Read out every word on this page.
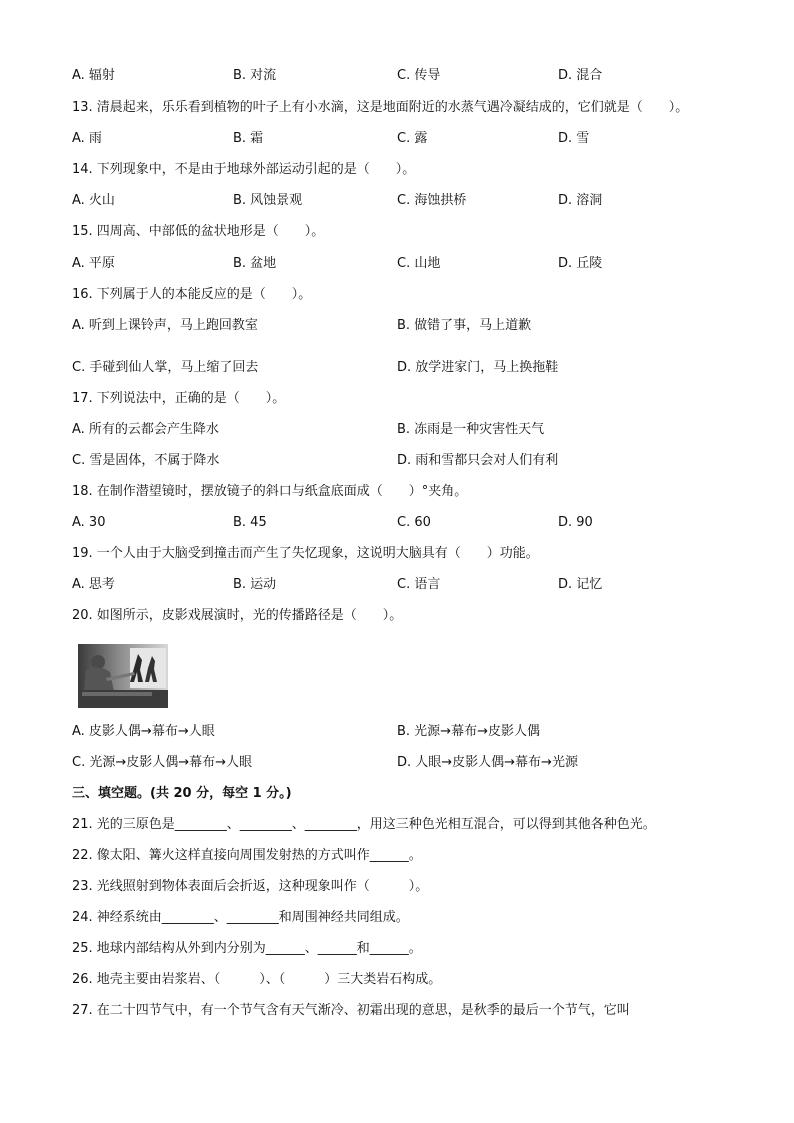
A. 辐射	B. 对流	C. 传导	D. 混合
13. 清晨起来，乐乐看到植物的叶子上有小水滴，这是地面附近的水蒸气遇冷凝结成的，它们就是（　　）。
A. 雨	B. 霜	C. 露	D. 雪
14. 下列现象中，不是由于地球外部运动引起的是（　　）。
A. 火山	B. 风蚀景观	C. 海蚀拱桥	D. 溶洞
15. 四周高、中部低的盆状地形是（　　）。
A. 平原	B. 盆地	C. 山地	D. 丘陵
16. 下列属于人的本能反应的是（　　）。
A. 听到上课铃声，马上跑回教室	B. 做错了事，马上道歉
C. 手碰到仙人掌，马上缩了回去	D. 放学进家门，马上换拖鞋
17. 下列说法中，正确的是（　　）。
A. 所有的云都会产生降水	B. 冻雨是一种灾害性天气
C. 雪是固体，不属于降水	D. 雨和雪都只会对人们有利
18. 在制作潜望镜时，摆放镜子的斜口与纸盒底面成（　　）°夹角。
A. 30	B. 45	C. 60	D. 90
19. 一个人由于大脑受到撞击而产生了失忆现象，这说明大脑具有（　　）功能。
A. 思考	B. 运动	C. 语言	D. 记忆
20. 如图所示，皮影戏展演时，光的传播路径是（　　）。
A. 皮影人偶→幕布→人眼	B. 光源→幕布→皮影人偶
C. 光源→皮影人偶→幕布→人眼	D. 人眼→皮影人偶→幕布→光源
三、填空题。(共 20 分，每空 1 分。)
21. 光的三原色是________、________、________，用这三种色光相互混合，可以得到其他各种色光。
22. 像太阳、篝火这样直接向周围发射热的方式叫作______。
23. 光线照射到物体表面后会折返，这种现象叫作（　　　）。
24. 神经系统由________、________和周围神经共同组成。
25. 地球内部结构从外到内分别为______、______和______。
26. 地壳主要由岩浆岩、（　　　）、（　　　）三大类岩石构成。
27. 在二十四节气中，有一个节气含有天气渐冷、初霜出现的意思，是秋季的最后一个节气，它叫
